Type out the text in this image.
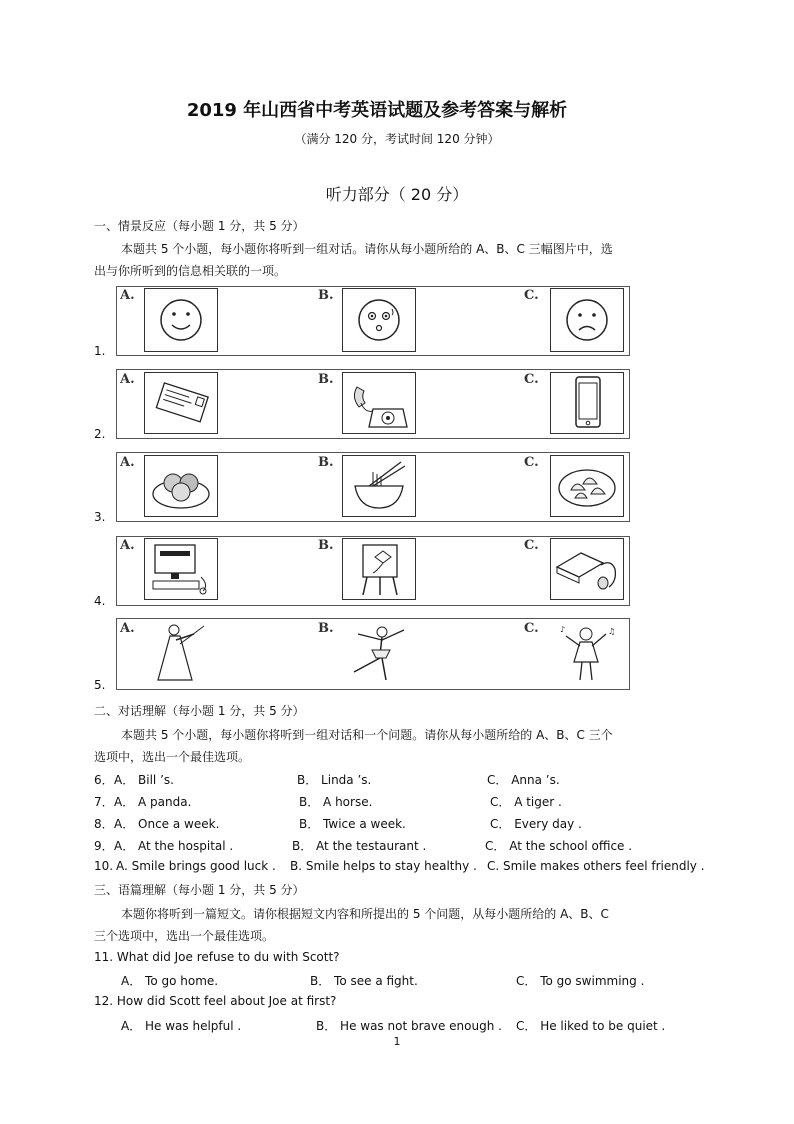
2019 年山西省中考英语试题及参考答案与解析
（满分 120 分，考试时间 120 分钟）
听力部分（ 20 分）
一、情景反应（每小题 1 分，共 5 分）
本题共 5 个小题，每小题你将听到一组对话。请你从每小题所给的 A、B、C 三幅图片中，选
出与你所听到的信息相关联的一项。
1.
A.	B.	C.
2.
A.	B.	C.
3.
A.	B.	C.
4.
A.	B.	C.
5.
A.	B.	C.	♪	♫
二、对话理解（每小题 1 分，共 5 分）
本题共 5 个小题，每小题你将听到一组对话和一个问题。请你从每小题所给的 A、B、C 三个
选项中，选出一个最佳选项。
6． A． Bill ’s.	B． Linda ’s.	C． Anna ’s.
7． A． A panda.	B． A horse.	C． A tiger .
8． A． Once a week.	B． Twice a week.	C． Every day .
9． A． At the hospital .	B． At the testaurant .	C． At the school office .
10. A. Smile brings good luck . B. Smile helps to stay healthy . C. Smile makes others feel friendly .
三、语篇理解（每小题 1 分，共 5 分）
本题你将听到一篇短文。请你根据短文内容和所提出的 5 个问题，从每小题所给的 A、B、C
三个选项中，选出一个最佳选项。
11. What did Joe refuse to du with Scott?
A． To go home.	B． To see a fight.	C． To go swimming .
12. How did Scott feel about Joe at first?
A． He was helpful .	B． He was not brave enough . C． He liked to be quiet .
1
